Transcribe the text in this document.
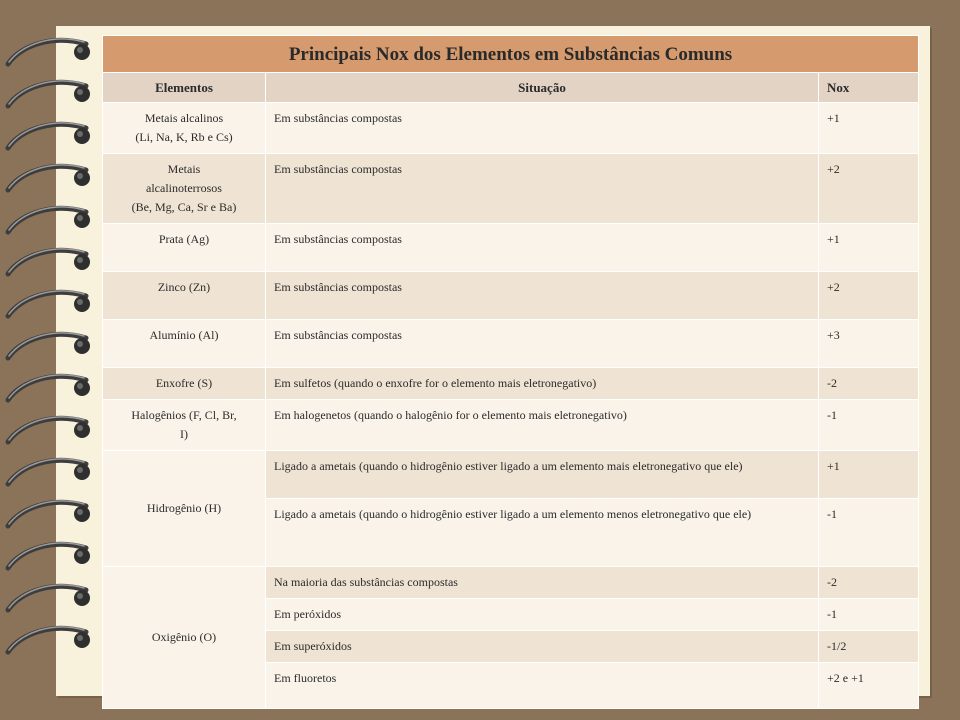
Principais Nox dos Elementos em Substâncias Comuns		
Elementos	Situação	Nox

Metais alcalinos
(Li, Na, K, Rb e Cs)	Em substâncias compostas	+1

Metais
alcalinoterrosos
(Be, Mg, Ca, Sr e Ba)	Em substâncias compostas	+2

Prata (Ag)	Em substâncias compostas	+1

Zinco (Zn)	Em substâncias compostas	+2

Alumínio (Al)	Em substâncias compostas	+3

Enxofre (S)	Em sulfetos (quando o enxofre for o elemento mais eletronegativo)	-2

Halogênios (F, Cl, Br,
I)	Em halogenetos (quando o halogênio for o elemento mais eletronegativo)	-1
Hidrogênio (H)	Ligado a ametais (quando o hidrogênio estiver ligado a um elemento mais eletronegativo que ele)	+1
	Ligado a ametais (quando o hidrogênio estiver ligado a um elemento menos eletronegativo que ele)	-1
Oxigênio (O)	Na maioria das substâncias compostas	-2
	Em peróxidos	-1
	Em superóxidos	-1/2
	Em fluoretos	+2 e +1
